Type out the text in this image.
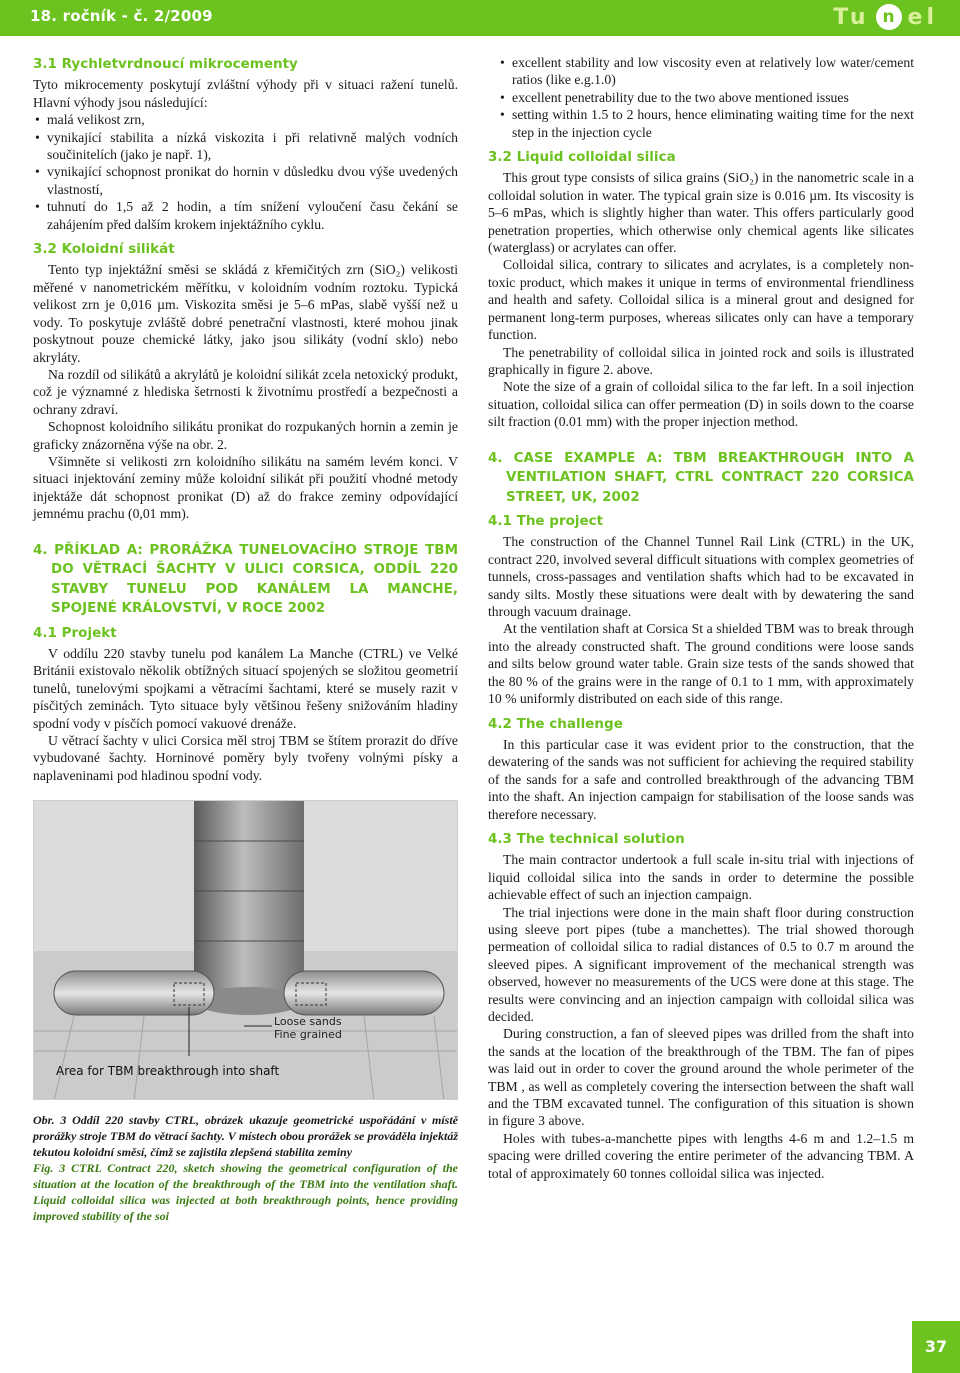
18. ročník - č. 2/2009	Tu n el
3.1 Rychletvrdnoucí mikrocementy

Tyto mikrocementy poskytují zvláštní výhody při v situaci ražení tunelů. Hlavní výhody jsou následující:

• malá velikost zrn,
• vynikající stabilita a nízká viskozita i při relativně malých vodních součinitelích (jako je např. 1),
• vynikající schopnost pronikat do hornin v důsledku dvou výše uvedených vlastností,
• tuhnutí do 1,5 až 2 hodin, a tím snížení vyloučení času čekání se zahájením před dalším krokem injektážního cyklu.
3.2 Koloidní silikát

Tento typ injektážní směsi se skládá z křemičitých zrn (SiO₂) velikosti měřené v nanometrickém měřítku, v koloidním vodním roztoku. Typická velikost zrn je 0,016 µm. Viskozita směsi je 5–6 mPas, slabě vyšší než u vody. To poskytuje zvláště dobré penetrační vlastnosti, které mohou jinak poskytnout pouze chemické látky, jako jsou silikáty (vodní sklo) nebo akryláty.

Na rozdíl od silikátů a akrylátů je koloidní silikát zcela netoxický produkt, což je významné z hlediska šetrnosti k životnímu prostředí a bezpečnosti a ochrany zdraví.

Schopnost koloidního silikátu pronikat do rozpukaných hornin a zemin je graficky znázorněna výše na obr. 2.

Všimněte si velikosti zrn koloidního silikátu na samém levém konci. V situaci injektování zeminy může koloidní silikát při použití vhodné metody injektáže dát schopnost pronikat (D) až do frakce zeminy odpovídající jemnému prachu (0,01 mm).

4. PŘÍKLAD A: PRORÁŽKA TUNELOVACÍHO STROJE TBM DO VĚTRACÍ ŠACHTY V ULICI CORSICA, ODDÍL 220 STAVBY TUNELU POD KANÁLEM LA MANCHE, SPOJENÉ KRÁLOVSTVÍ, V ROCE 2002
4.1 Projekt

V oddílu 220 stavby tunelu pod kanálem La Manche (CTRL) ve Velké Británii existovalo několik obtížných situací spojených se složitou geometrií tunelů, tunelovými spojkami a větracími šachtami, které se musely razit v písčitých zeminách. Tyto situace byly většinou řešeny snižováním hladiny spodní vody v písčích pomocí vakuové drenáže.

U větrací šachty v ulici Corsica měl stroj TBM se štítem prorazit do dříve vybudované šachty. Horninové poměry byly tvořeny volnými písky a naplaveninami pod hladinou spodní vody.

Loose sands
Fine grained
Area for TBM breakthrough into shaft

Obr. 3 Oddíl 220 stavby CTRL, obrázek ukazuje geometrické uspořádání v místě prorážky stroje TBM do větrací šachty. V místech obou prorážek se prováděla injektáž tekutou koloidní směsí, čímž se zajistila zlepšená stabilita zeminy

Fig. 3 CTRL Contract 220, sketch showing the geometrical configuration of the situation at the location of the breakthrough of the TBM into the ventilation shaft. Liquid colloidal silica was injected at both breakthrough points, hence providing improved stability of the soi

• excellent stability and low viscosity even at relatively low water/cement ratios (like e.g.1.0)
• excellent penetrability due to the two above mentioned issues
• setting within 1.5 to 2 hours, hence eliminating waiting time for the next step in the injection cycle
3.2 Liquid colloidal silica

This grout type consists of silica grains (SiO₂) in the nanometric scale in a colloidal solution in water. The typical grain size is 0.016 µm. Its viscosity is 5–6 mPas, which is slightly higher than water. This offers particularly good penetration properties, which otherwise only chemical agents like silicates (waterglass) or acrylates can offer.

Colloidal silica, contrary to silicates and acrylates, is a completely non-toxic product, which makes it unique in terms of environmental friendliness and health and safety. Colloidal silica is a mineral grout and designed for permanent long-term purposes, whereas silicates only can have a temporary function.

The penetrability of colloidal silica in jointed rock and soils is illustrated graphically in figure 2. above.

Note the size of a grain of colloidal silica to the far left. In a soil injection situation, colloidal silica can offer permeation (D) in soils down to the coarse silt fraction (0.01 mm) with the proper injection method.

4. CASE EXAMPLE A: TBM BREAKTHROUGH INTO A VENTILATION SHAFT, CTRL CONTRACT 220 CORSICA STREET, UK, 2002
4.1 The project

The construction of the Channel Tunnel Rail Link (CTRL) in the UK, contract 220, involved several difficult situations with complex geometries of tunnels, cross-passages and ventilation shafts which had to be excavated in sandy silts. Mostly these situations were dealt with by dewatering the sand through vacuum drainage.

At the ventilation shaft at Corsica St a shielded TBM was to break through into the already constructed shaft. The ground conditions were loose sands and silts below ground water table. Grain size tests of the sands showed that the 80 % of the grains were in the range of 0.1 to 1 mm, with approximately 10 % uniformly distributed on each side of this range.

4.2 The challenge

In this particular case it was evident prior to the construction, that the dewatering of the sands was not sufficient for achieving the required stability of the sands for a safe and controlled breakthrough of the advancing TBM into the shaft. An injection campaign for stabilisation of the loose sands was therefore necessary.

4.3 The technical solution

The main contractor undertook a full scale in-situ trial with injections of liquid colloidal silica into the sands in order to determine the possible achievable effect of such an injection campaign.

The trial injections were done in the main shaft floor during construction using sleeve port pipes (tube a manchettes). The trial showed thorough permeation of colloidal silica to radial distances of 0.5 to 0.7 m around the sleeved pipes. A significant improvement of the mechanical strength was observed, however no measurements of the UCS were done at this stage. The results were convincing and an injection campaign with colloidal silica was decided.

During construction, a fan of sleeved pipes was drilled from the shaft into the sands at the location of the breakthrough of the TBM. The fan of pipes was laid out in order to cover the ground around the whole perimeter of the TBM , as well as completely covering the intersection between the shaft wall and the TBM excavated tunnel. The configuration of this situation is shown in figure 3 above.

Holes with tubes-a-manchette pipes with lengths 4-6 m and 1.2–1.5 m spacing were drilled covering the entire perimeter of the advancing TBM. A total of approximately 60 tonnes colloidal silica was injected.

37
